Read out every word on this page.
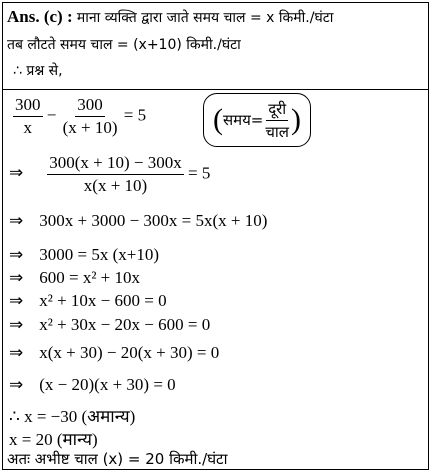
Ans. (c) : माना व्यक्ति द्वारा जाते समय चाल = x किमी./घंटा
तब लौटते समय चाल = (x+10) किमी./घंटा
∴ प्रश्न से,
$\frac{300}{x} - \frac{300}{(x + 10)} = 5$ ( समय= $\frac{\text{दूरी}}{\text{चाल}}$ )
⇒ $\frac{300(x + 10) - 300x}{x(x + 10)} = 5$
⇒ 300x + 3000 − 300x = 5x(x + 10)
⇒ 3000 = 5x (x+10)
⇒ 600 = x² + 10x
⇒ x² + 10x − 600 = 0
⇒ x² + 30x − 20x − 600 = 0
⇒ x(x + 30) − 20(x + 30) = 0
⇒ (x − 20)(x + 30) = 0
∴ x = −30 (अमान्य)
x = 20 (मान्य)
अतः अभीष्ट चाल (x) = 20 किमी./घंटा
